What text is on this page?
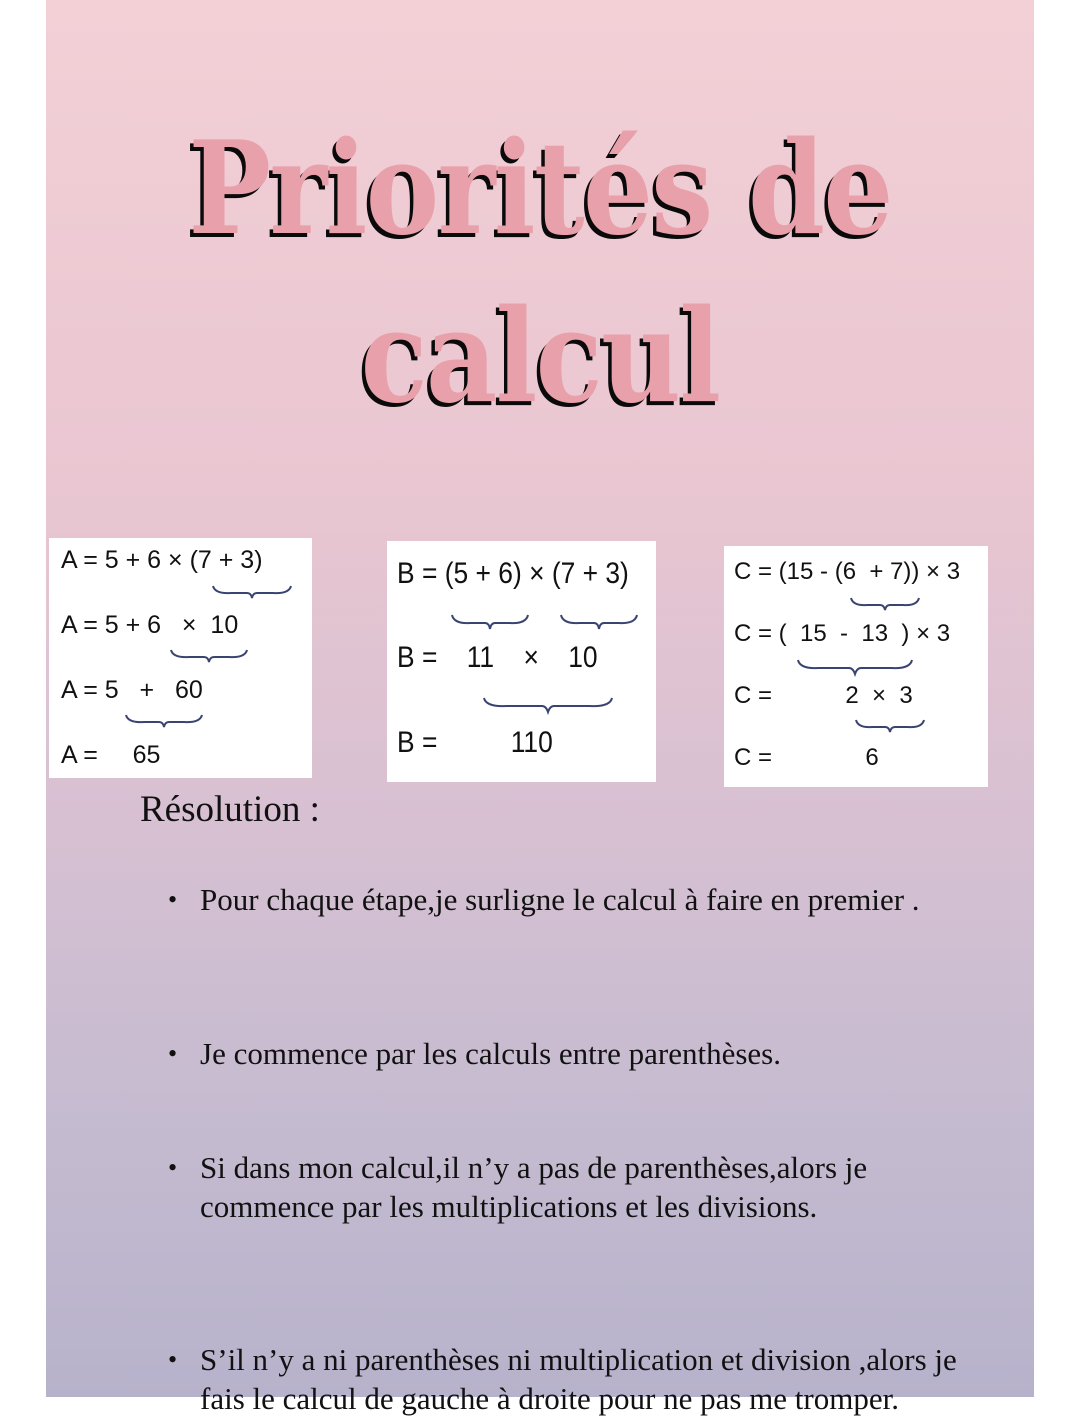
Priorités de
calcul
A = 5 + 6 × (7 + 3)
A = 5 + 6   ×  10
A = 5   +   60
A =     65
B = (5 + 6) × (7 + 3)
B =    11    ×    10
B =          110
C = (15 - (6  + 7)) × 3
C = (  15  -  13  ) × 3
C =           2  ×  3
C =              6
Résolution :
• Pour chaque étape,je surligne le calcul à faire en premier .
• Je commence par les calculs entre parenthèses.
• Si dans mon calcul,il n’y a pas de parenthèses,alors je commence par les multiplications et les divisions.
• S’il n’y a ni parenthèses ni multiplication et division ,alors je fais le calcul de gauche à droite pour ne pas me tromper.
